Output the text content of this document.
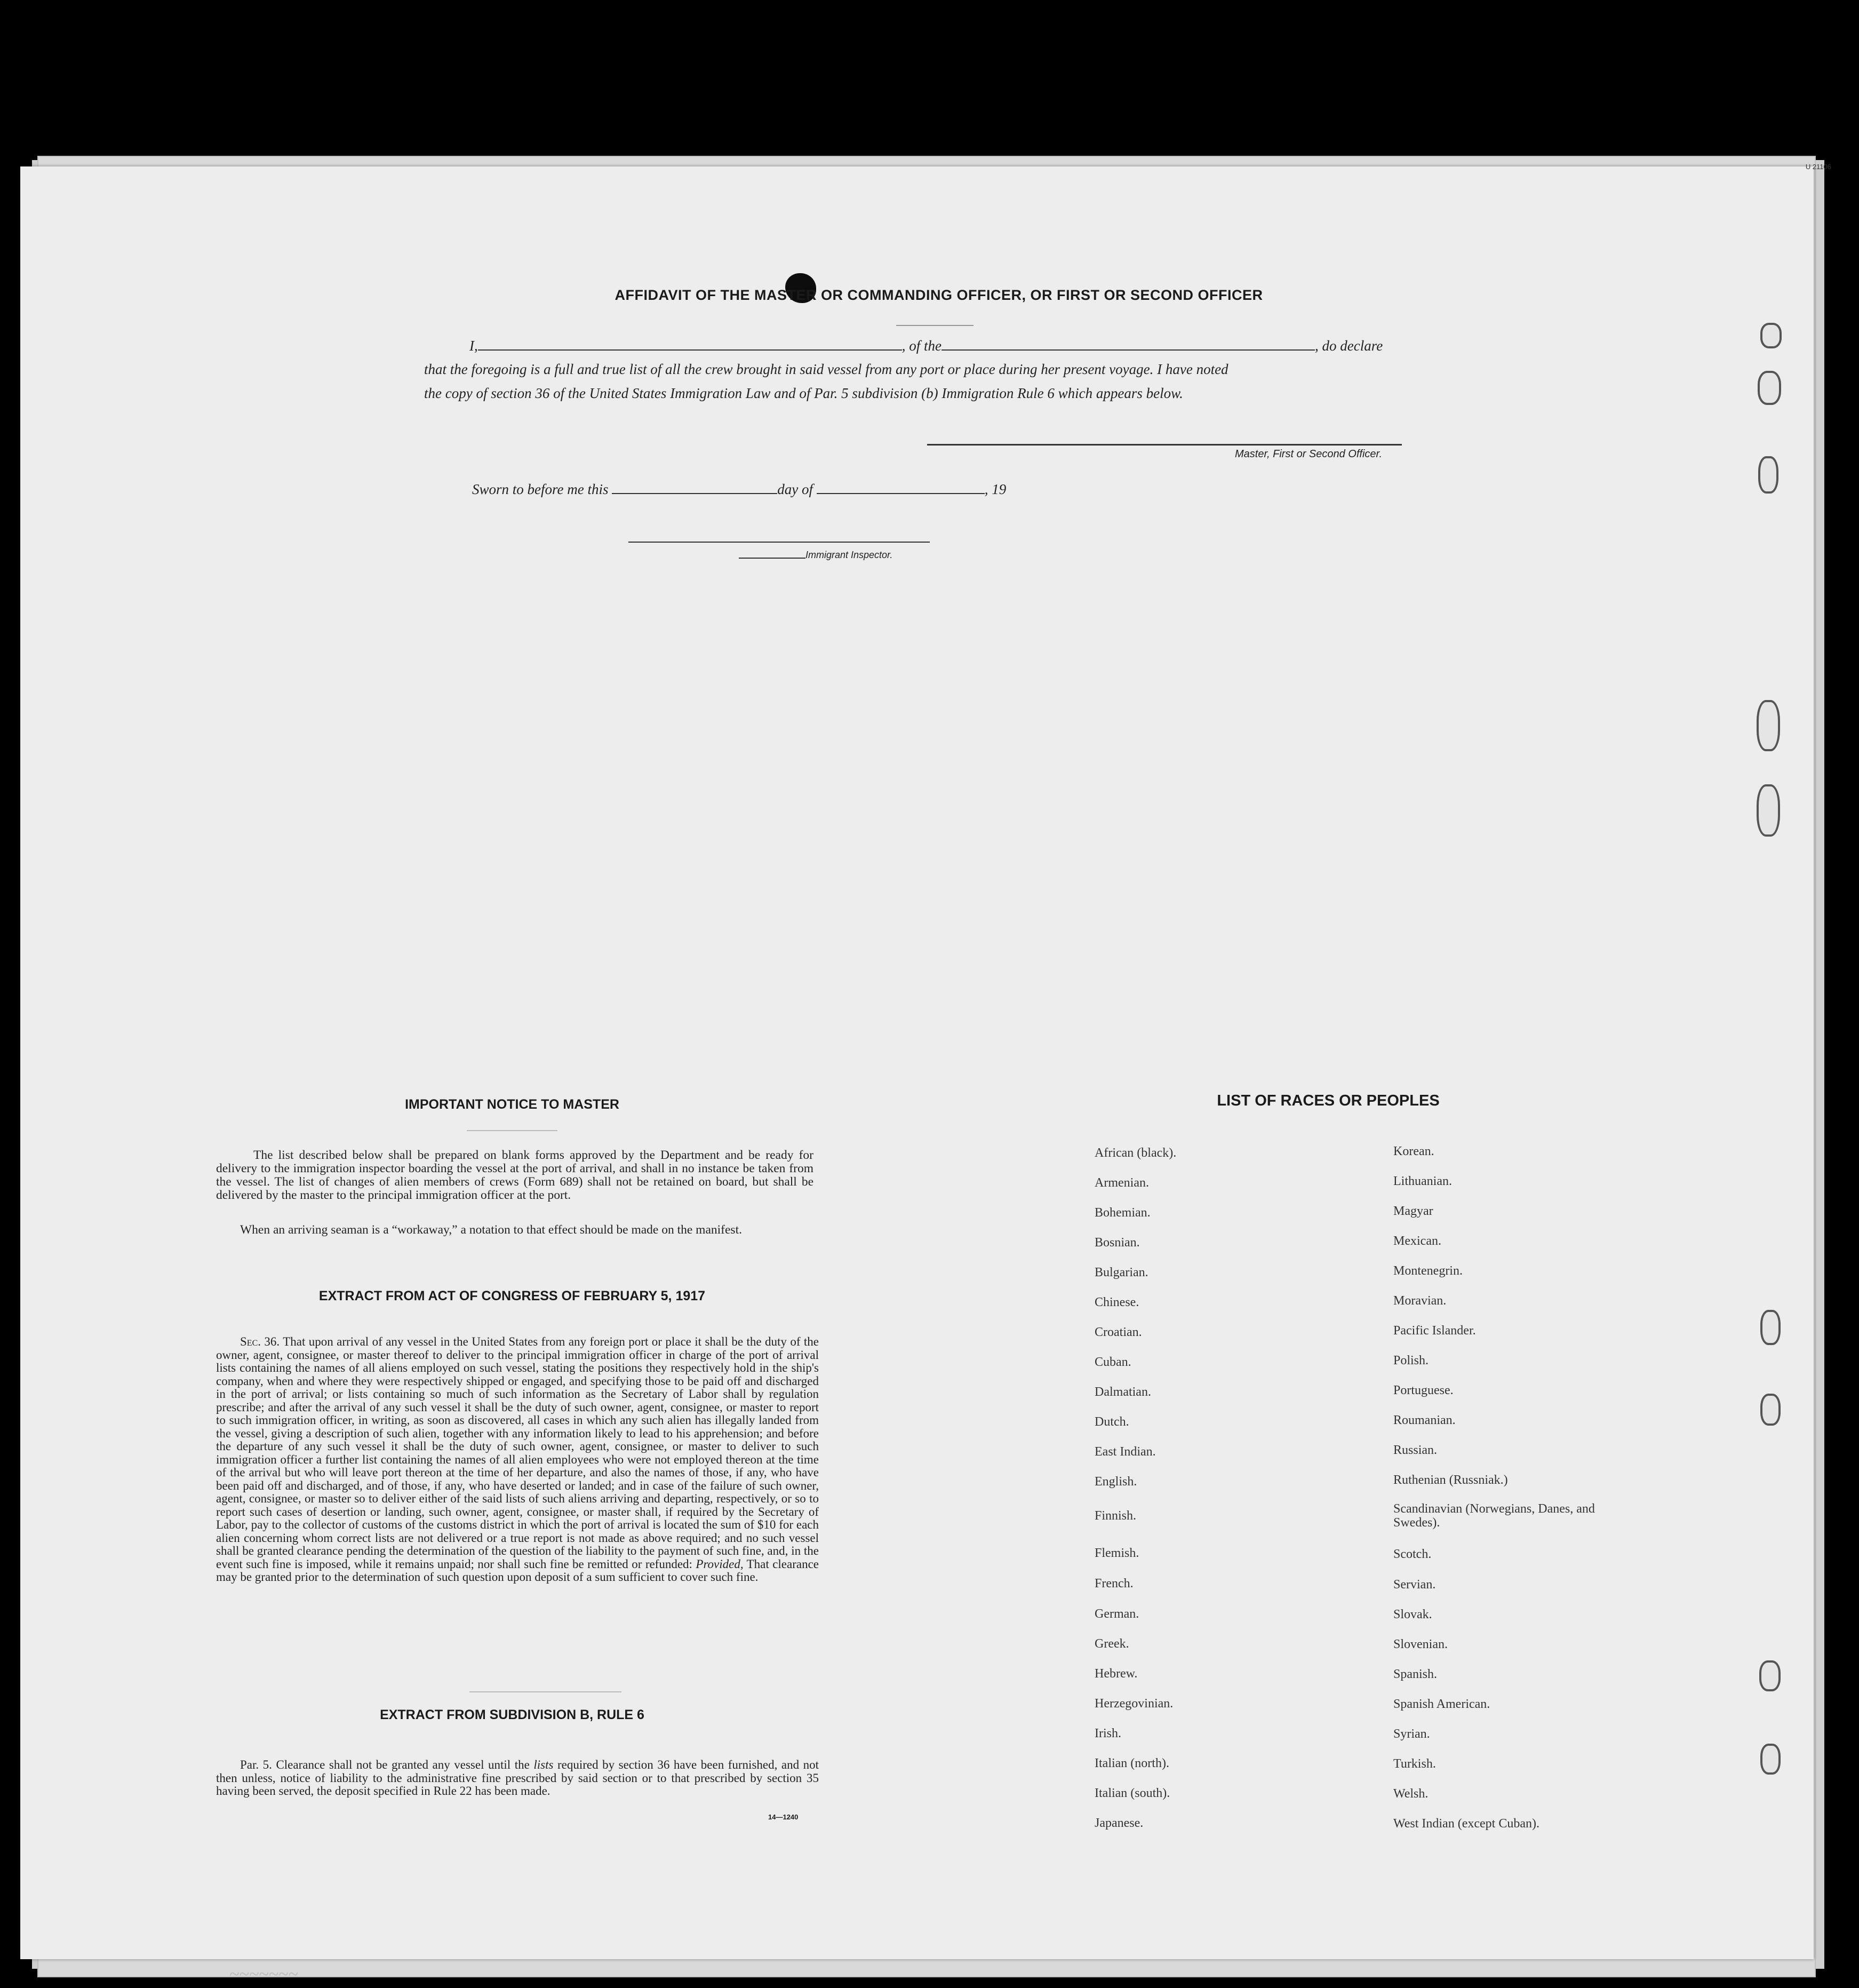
U 21106
AFFIDAVIT OF THE MASTER OR COMMANDING OFFICER, OR FIRST OR SECOND OFFICER
I,	, of the	, do declare
that the foregoing is a full and true list of all the crew brought in said vessel from any port or place during her present voyage. I have noted
the copy of section 36 of the United States Immigration Law and of Par. 5 subdivision (b) Immigration Rule 6 which appears below.
Master, First or Second Officer.
Sworn to before me this	day of	, 19
Immigrant Inspector.
IMPORTANT NOTICE TO MASTER
The list described below shall be prepared on blank forms approved by the Department and be ready for delivery to the immigration inspector boarding the vessel at the port of arrival, and shall in no instance be taken from the vessel. The list of changes of alien members of crews (Form 689) shall not be retained on board, but shall be delivered by the master to the principal immigration officer at the port.
When an arriving seaman is a “workaway,” a notation to that effect should be made on the manifest.
EXTRACT FROM ACT OF CONGRESS OF FEBRUARY 5, 1917
Sec. 36. That upon arrival of any vessel in the United States from any foreign port or place it shall be the duty of the owner, agent, consignee, or master thereof to deliver to the principal immigration officer in charge of the port of arrival lists containing the names of all aliens employed on such vessel, stating the positions they respectively hold in the ship's company, when and where they were respectively shipped or engaged, and specifying those to be paid off and discharged in the port of arrival; or lists containing so much of such information as the Secretary of Labor shall by regulation prescribe; and after the arrival of any such vessel it shall be the duty of such owner, agent, consignee, or master to report to such immigration officer, in writing, as soon as discovered, all cases in which any such alien has illegally landed from the vessel, giving a description of such alien, together with any information likely to lead to his apprehension; and before the departure of any such vessel it shall be the duty of such owner, agent, consignee, or master to deliver to such immigration officer a further list containing the names of all alien employees who were not employed thereon at the time of the arrival but who will leave port thereon at the time of her departure, and also the names of those, if any, who have been paid off and discharged, and of those, if any, who have deserted or landed; and in case of the failure of such owner, agent, consignee, or master so to deliver either of the said lists of such aliens arriving and departing, respectively, or so to report such cases of desertion or landing, such owner, agent, consignee, or master shall, if required by the Secretary of Labor, pay to the collector of customs of the customs district in which the port of arrival is located the sum of $10 for each alien concerning whom correct lists are not delivered or a true report is not made as above required; and no such vessel shall be granted clearance pending the determination of the question of the liability to the payment of such fine, and, in the event such fine is imposed, while it remains unpaid; nor shall such fine be remitted or refunded: Provided, That clearance may be granted prior to the determination of such question upon deposit of a sum sufficient to cover such fine.
EXTRACT FROM SUBDIVISION B, RULE 6
Par. 5. Clearance shall not be granted any vessel until the lists required by section 36 have been furnished, and not then unless, notice of liability to the administrative fine prescribed by said section or to that prescribed by section 35 having been served, the deposit specified in Rule 22 has been made.
14—1240
LIST OF RACES OR PEOPLES
African (black).
Armenian.
Bohemian.
Bosnian.
Bulgarian.
Chinese.
Croatian.
Cuban.
Dalmatian.
Dutch.
East Indian.
English.
Finnish.
Flemish.
French.
German.
Greek.
Hebrew.
Herzegovinian.
Irish.
Italian (north).
Italian (south).
Japanese.
Korean.
Lithuanian.
Magyar
Mexican.
Montenegrin.
Moravian.
Pacific Islander.
Polish.
Portuguese.
Roumanian.
Russian.
Ruthenian (Russniak.)
Scandinavian (Norwegians, Danes, and Swedes).
Scotch.
Servian.
Slovak.
Slovenian.
Spanish.
Spanish American.
Syrian.
Turkish.
Welsh.
West Indian (except Cuban).
~~~~~~~
